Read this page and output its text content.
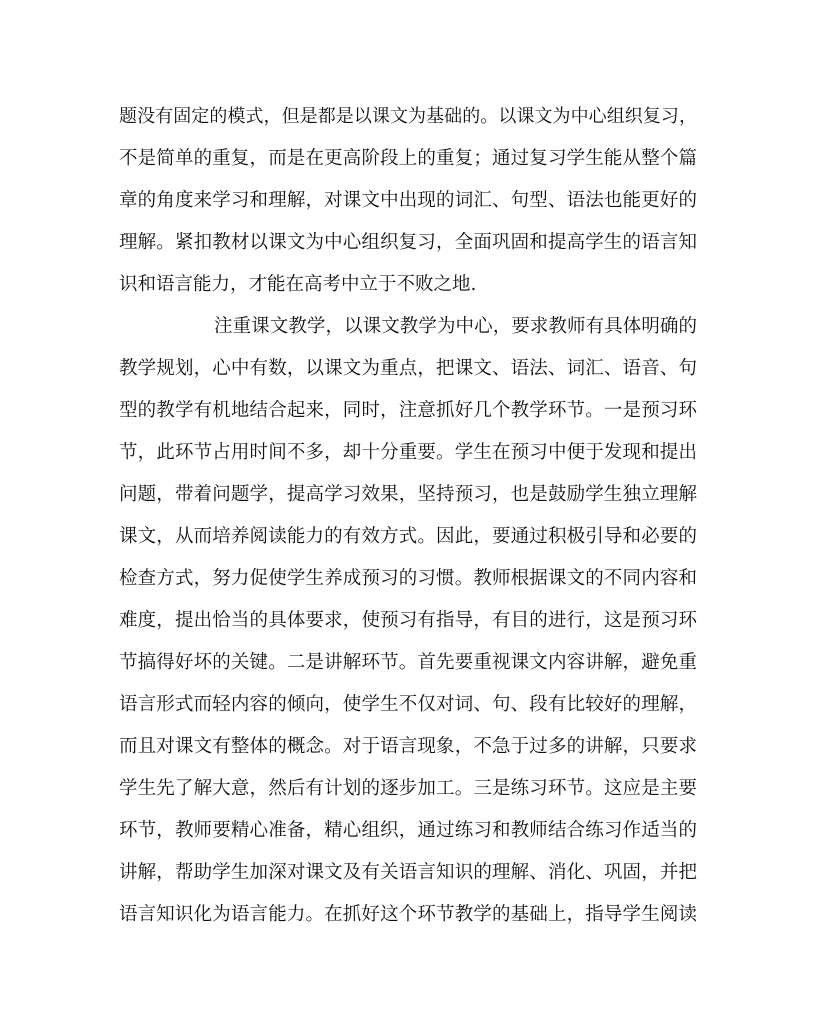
题没有固定的模式，但是都是以课文为基础的。以课文为中心组织复习，
不是简单的重复，而是在更高阶段上的重复；通过复习学生能从整个篇
章的角度来学习和理解，对课文中出现的词汇、句型、语法也能更好的
理解。紧扣教材以课文为中心组织复习，全面巩固和提高学生的语言知
识和语言能力，才能在高考中立于不败之地.
注重课文教学，以课文教学为中心，要求教师有具体明确的
教学规划，心中有数，以课文为重点，把课文、语法、词汇、语音、句
型的教学有机地结合起来，同时，注意抓好几个教学环节。一是预习环
节，此环节占用时间不多，却十分重要。学生在预习中便于发现和提出
问题，带着问题学，提高学习效果，坚持预习，也是鼓励学生独立理解
课文，从而培养阅读能力的有效方式。因此，要通过积极引导和必要的
检查方式，努力促使学生养成预习的习惯。教师根据课文的不同内容和
难度，提出恰当的具体要求，使预习有指导，有目的进行，这是预习环
节搞得好坏的关键。二是讲解环节。首先要重视课文内容讲解，避免重
语言形式而轻内容的倾向，使学生不仅对词、句、段有比较好的理解，
而且对课文有整体的概念。对于语言现象，不急于过多的讲解，只要求
学生先了解大意，然后有计划的逐步加工。三是练习环节。这应是主要
环节，教师要精心准备，精心组织，通过练习和教师结合练习作适当的
讲解，帮助学生加深对课文及有关语言知识的理解、消化、巩固，并把
语言知识化为语言能力。在抓好这个环节教学的基础上，指导学生阅读
